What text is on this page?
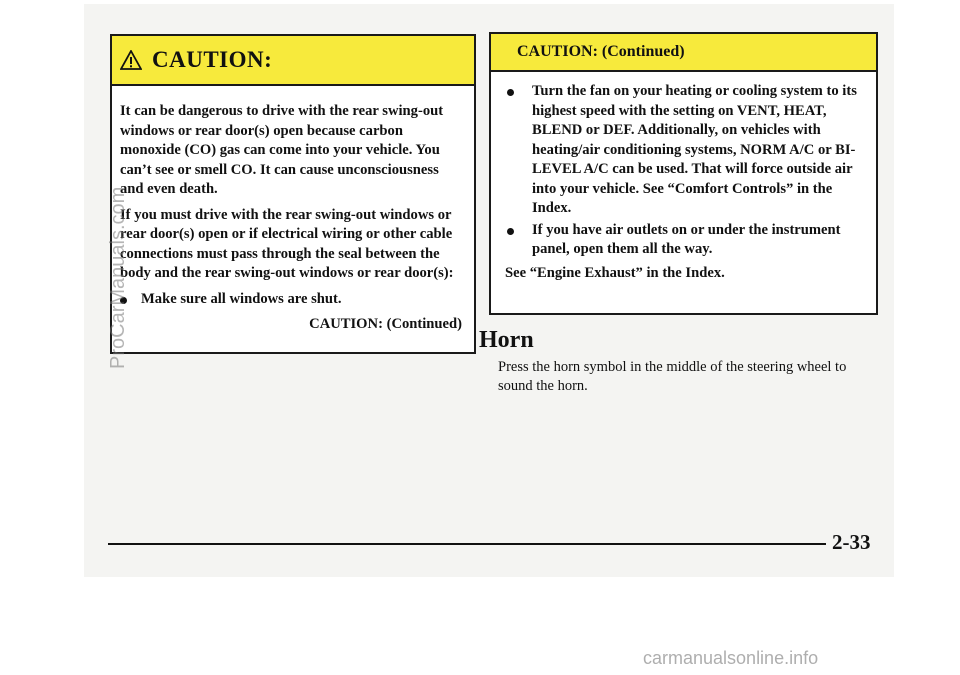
CAUTION:

It can be dangerous to drive with the rear swing-out windows or rear door(s) open because carbon monoxide (CO) gas can come into your vehicle. You can’t see or smell CO. It can cause unconsciousness and even death.

If you must drive with the rear swing-out windows or rear door(s) open or if electrical wiring or other cable connections must pass through the seal between the body and the rear swing-out windows or rear door(s):

Make sure all windows are shut.
CAUTION: (Continued)
CAUTION: (Continued)
Turn the fan on your heating or cooling system to its highest speed with the setting on VENT, HEAT, BLEND or DEF. Additionally, on vehicles with heating/air conditioning systems, NORM A/C or BI-LEVEL A/C can be used. That will force outside air into your vehicle. See “Comfort Controls” in the Index.
If you have air outlets on or under the instrument panel, open them all the way.
See “Engine Exhaust” in the Index.
Horn
Press the horn symbol in the middle of the steering wheel to sound the horn.
2-33
ProCarManuals.com
carmanualsonline.info
